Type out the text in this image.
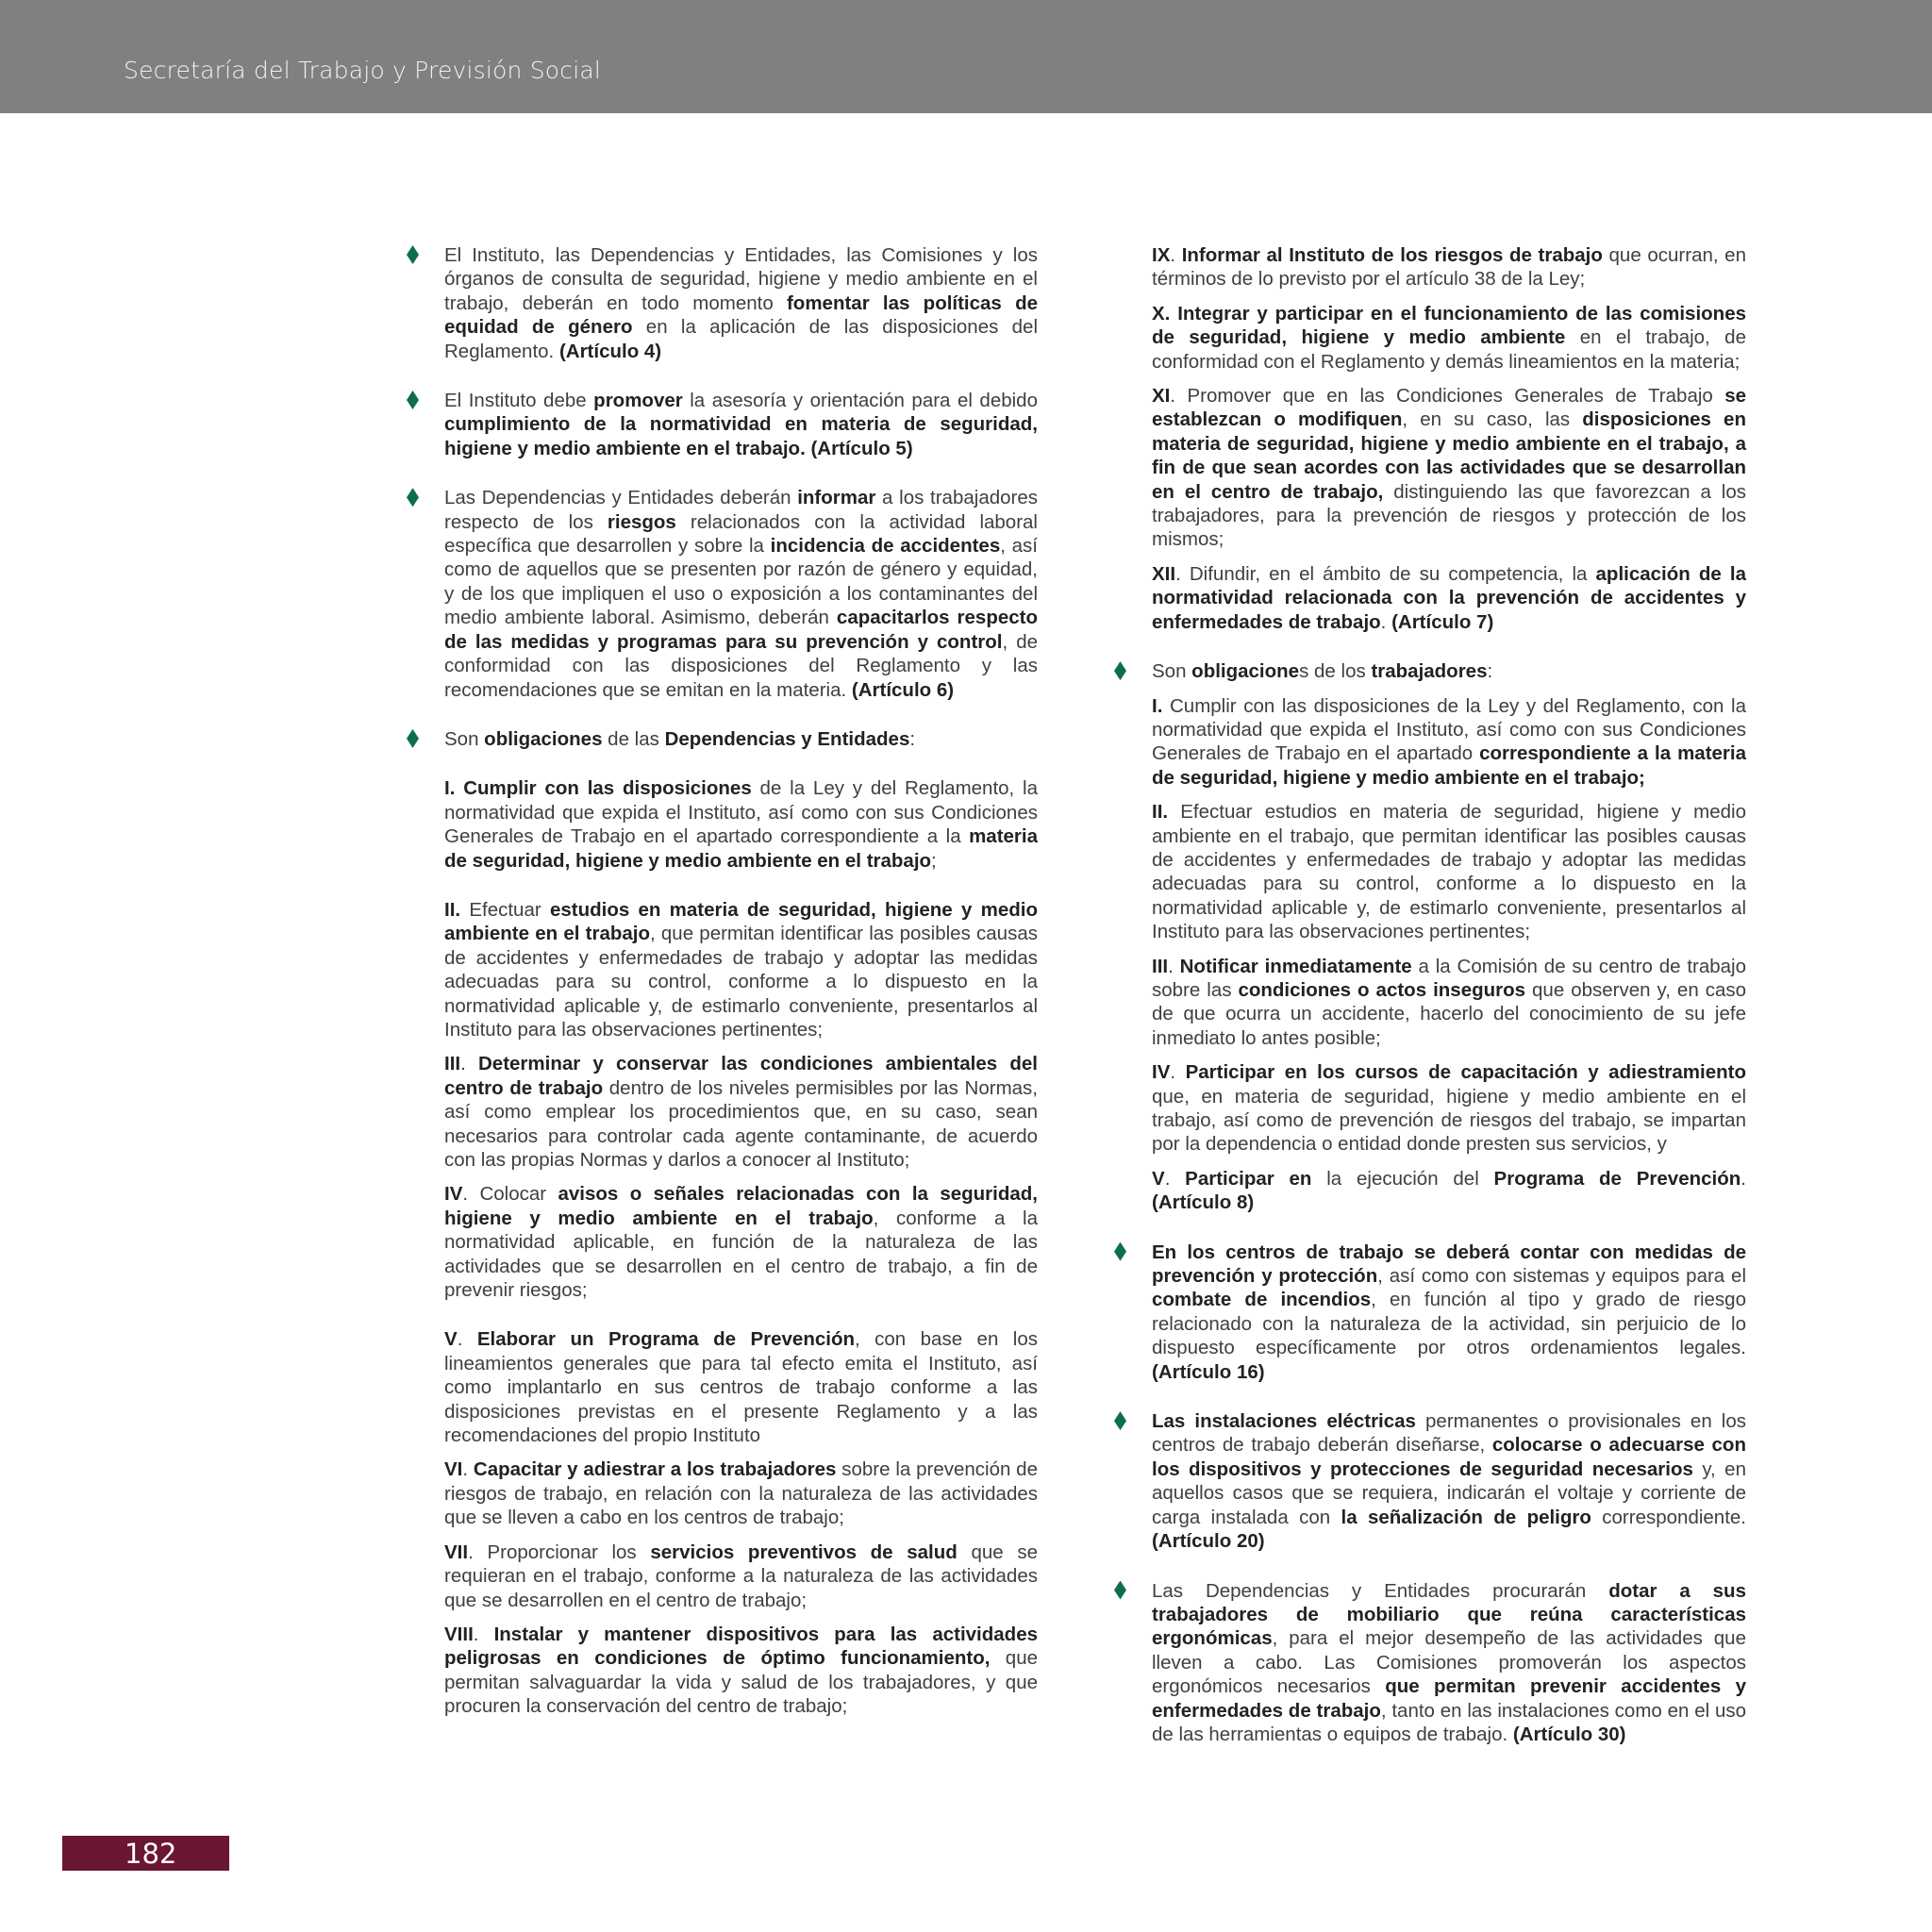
Secretaría del Trabajo y Previsión Social

El Instituto, las Dependencias y Entidades, las Comisiones y los órganos de consulta de seguridad, higiene y medio ambiente en el trabajo, deberán en todo momento fomentar las políticas de equidad de género en la aplicación de las disposiciones del Reglamento. (Artículo 4)

El Instituto debe promover la asesoría y orientación para el debido cumplimiento de la normatividad en materia de seguridad, higiene y medio ambiente en el trabajo. (Artículo 5)

Las Dependencias y Entidades deberán informar a los trabajadores respecto de los riesgos relacionados con la actividad laboral específica que desarrollen y sobre la incidencia de accidentes, así como de aquellos que se presenten por razón de género y equidad, y de los que impliquen el uso o exposición a los contaminantes del medio ambiente laboral. Asimismo, deberán capacitarlos respecto de las medidas y programas para su prevención y control, de conformidad con las disposiciones del Reglamento y las recomendaciones que se emitan en la materia. (Artículo 6)

Son obligaciones de las Dependencias y Entidades:

I. Cumplir con las disposiciones de la Ley y del Reglamento, la normatividad que expida el Instituto, así como con sus Condiciones Generales de Trabajo en el apartado correspondiente a la materia de seguridad, higiene y medio ambiente en el trabajo;

II. Efectuar estudios en materia de seguridad, higiene y medio ambiente en el trabajo, que permitan identificar las posibles causas de accidentes y enfermedades de trabajo y adoptar las medidas adecuadas para su control, conforme a lo dispuesto en la normatividad aplicable y, de estimarlo conveniente, presentarlos al Instituto para las observaciones pertinentes;

III. Determinar y conservar las condiciones ambientales del centro de trabajo dentro de los niveles permisibles por las Normas, así como emplear los procedimientos que, en su caso, sean necesarios para controlar cada agente contaminante, de acuerdo con las propias Normas y darlos a conocer al Instituto;

IV. Colocar avisos o señales relacionadas con la seguridad, higiene y medio ambiente en el trabajo, conforme a la normatividad aplicable, en función de la naturaleza de las actividades que se desarrollen en el centro de trabajo, a fin de prevenir riesgos;

V. Elaborar un Programa de Prevención, con base en los lineamientos generales que para tal efecto emita el Instituto, así como implantarlo en sus centros de trabajo conforme a las disposiciones previstas en el presente Reglamento y a las recomendaciones del propio Instituto

VI. Capacitar y adiestrar a los trabajadores sobre la prevención de riesgos de trabajo, en relación con la naturaleza de las actividades que se lleven a cabo en los centros de trabajo;

VII. Proporcionar los servicios preventivos de salud que se requieran en el trabajo, conforme a la naturaleza de las actividades que se desarrollen en el centro de trabajo;

VIII. Instalar y mantener dispositivos para las actividades peligrosas en condiciones de óptimo funcionamiento, que permitan salvaguardar la vida y salud de los trabajadores, y que procuren la conservación del centro de trabajo;

IX. Informar al Instituto de los riesgos de trabajo que ocurran, en términos de lo previsto por el artículo 38 de la Ley;

X. Integrar y participar en el funcionamiento de las comisiones de seguridad, higiene y medio ambiente en el trabajo, de conformidad con el Reglamento y demás lineamientos en la materia;

XI. Promover que en las Condiciones Generales de Trabajo se establezcan o modifiquen, en su caso, las disposiciones en materia de seguridad, higiene y medio ambiente en el trabajo, a fin de que sean acordes con las actividades que se desarrollan en el centro de trabajo, distinguiendo las que favorezcan a los trabajadores, para la prevención de riesgos y protección de los mismos;

XII. Difundir, en el ámbito de su competencia, la aplicación de la normatividad relacionada con la prevención de accidentes y enfermedades de trabajo. (Artículo 7)

Son obligaciones de los trabajadores:

I. Cumplir con las disposiciones de la Ley y del Reglamento, con la normatividad que expida el Instituto, así como con sus Condiciones Generales de Trabajo en el apartado correspondiente a la materia de seguridad, higiene y medio ambiente en el trabajo;

II. Efectuar estudios en materia de seguridad, higiene y medio ambiente en el trabajo, que permitan identificar las posibles causas de accidentes y enfermedades de trabajo y adoptar las medidas adecuadas para su control, conforme a lo dispuesto en la normatividad aplicable y, de estimarlo conveniente, presentarlos al Instituto para las observaciones pertinentes;

III. Notificar inmediatamente a la Comisión de su centro de trabajo sobre las condiciones o actos inseguros que observen y, en caso de que ocurra un accidente, hacerlo del conocimiento de su jefe inmediato lo antes posible;

IV. Participar en los cursos de capacitación y adiestramiento que, en materia de seguridad, higiene y medio ambiente en el trabajo, así como de prevención de riesgos del trabajo, se impartan por la dependencia o entidad donde presten sus servicios, y

V. Participar en la ejecución del Programa de Prevención. (Artículo 8)

En los centros de trabajo se deberá contar con medidas de prevención y protección, así como con sistemas y equipos para el combate de incendios, en función al tipo y grado de riesgo relacionado con la naturaleza de la actividad, sin perjuicio de lo dispuesto específicamente por otros ordenamientos legales. (Artículo 16)

Las instalaciones eléctricas permanentes o provisionales en los centros de trabajo deberán diseñarse, colocarse o adecuarse con los dispositivos y protecciones de seguridad necesarios y, en aquellos casos que se requiera, indicarán el voltaje y corriente de carga instalada con la señalización de peligro correspondiente. (Artículo 20)

Las Dependencias y Entidades procurarán dotar a sus trabajadores de mobiliario que reúna características ergonómicas, para el mejor desempeño de las actividades que lleven a cabo. Las Comisiones promoverán los aspectos ergonómicos necesarios que permitan prevenir accidentes y enfermedades de trabajo, tanto en las instalaciones como en el uso de las herramientas o equipos de trabajo. (Artículo 30)

182
